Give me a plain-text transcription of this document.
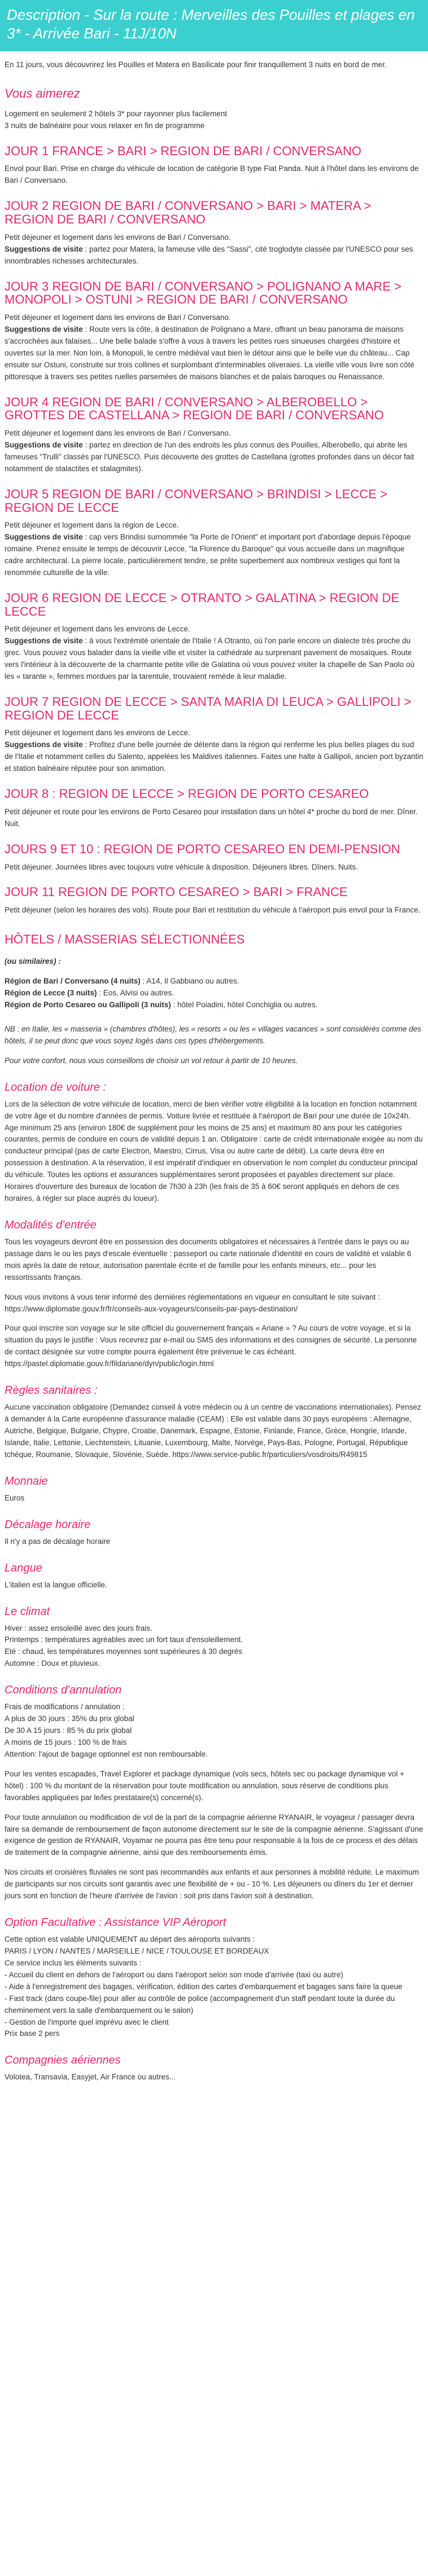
Description - Sur la route : Merveilles des Pouilles et plages en 3* - Arrivée Bari - 11J/10N

En 11 jours, vous découvrirez les Pouilles et Matera en Basilicate pour finir tranquillement 3 nuits en bord de mer.

Vous aimerez

Logement en seulement 2 hôtels 3* pour rayonner plus facilement
3 nuits de balnéaire pour vous relaxer en fin de programme

JOUR 1 FRANCE > BARI > REGION DE BARI / CONVERSANO

Envol pour Bari. Prise en charge du véhicule de location de catégorie B type Fiat Panda. Nuit à l'hôtel dans les environs de Bari / Conversano.

JOUR 2 REGION DE BARI / CONVERSANO > BARI > MATERA > REGION DE BARI / CONVERSANO

Petit déjeuner et logement dans les environs de Bari / Conversano.
Suggestions de visite : partez pour Matera, la fameuse ville des "Sassi", cité troglodyte classée par l'UNESCO pour ses innombrables richesses architecturales.

JOUR 3 REGION DE BARI / CONVERSANO > POLIGNANO A MARE > MONOPOLI > OSTUNI > REGION DE BARI / CONVERSANO

Petit déjeuner et logement dans les environs de Bari / Conversano.
Suggestions de visite : Route vers la côte, à destination de Polignano a Mare, offrant un beau panorama de maisons s'accrochées aux falaises... Une belle balade s'offre à vous à travers les petites rues sinueuses chargées d'histoire et ouvertes sur la mer. Non loin, à Monopoli, le centre médiéval vaut bien le détour ainsi que le belle vue du château... Cap ensuite sur Ostuni, construite sur trois collines et surplombant d'interminables oliveraies. La vieille ville vous livre son côté pittoresque à travers ses petites ruelles parsemées de maisons blanches et de palais baroques ou Renaissance.

JOUR 4 REGION DE BARI / CONVERSANO > ALBEROBELLO > GROTTES DE CASTELLANA > REGION DE BARI / CONVERSANO

Petit déjeuner et logement dans les environs de Bari / Conversano.
Suggestions de visite : partez en direction de l'un des endroits les plus connus des Pouilles, Alberobello, qui abrite les fameuses "Trulli" classés par l'UNESCO. Puis découverte des grottes de Castellana (grottes profondes dans un décor fait notamment de stalactites et stalagmites).

JOUR 5 REGION DE BARI / CONVERSANO > BRINDISI > LECCE > REGION DE LECCE

Petit déjeuner et logement dans la région de Lecce.
Suggestions de visite : cap vers Brindisi surnommée "la Porte de l'Orient" et important port d'abordage depuis l'époque romaine. Prenez ensuite le temps de découvrir Lecce, "la Florence du Baroque" qui vous accueille dans un magnifique cadre architectural. La pierre locale, particulièrement tendre, se prête superbement aux nombreux vestiges qui font la renommée culturelle de la ville.

JOUR 6 REGION DE LECCE > OTRANTO > GALATINA > REGION DE LECCE

Petit déjeuner et logement dans les environs de Lecce.
Suggestions de visite : à vous l'extrémité orientale de l'Italie ! A Otranto, où l'on parle encore un dialecte très proche du grec. Vous pouvez vous balader dans la vieille ville et visiter la cathédrale au surprenant pavement de mosaïques. Route vers l'intérieur à la découverte de la charmante petite ville de Galatina où vous pouvez visiter la chapelle de San Paolo où les « tarante », femmes mordues par la tarentule, trouvaient remède à leur maladie.

JOUR 7 REGION DE LECCE > SANTA MARIA DI LEUCA > GALLIPOLI > REGION DE LECCE

Petit déjeuner et logement dans les environs de Lecce.
Suggestions de visite : Profitez d'une belle journée de détente dans la région qui renferme les plus belles plages du sud de l'Italie et notamment celles du Salento, appelées les Maldives italiennes. Faites une halte à Gallipoli, ancien port byzantin et station balnéaire réputée pour son animation.

JOUR 8 : REGION DE LECCE > REGION DE PORTO CESAREO

Petit déjeuner et route pour les environs de Porto Cesareo pour installation dans un hôtel 4* proche du bord de mer. Dîner. Nuit.

JOURS 9 ET 10 : REGION DE PORTO CESAREO EN DEMI-PENSION

Petit déjeuner. Journées libres avec toujours votre véhicule à disposition. Déjeuners libres. Dîners. Nuits.

JOUR 11 REGION DE PORTO CESAREO > BARI > FRANCE

Petit déjeuner (selon les horaires des vols). Route pour Bari et restitution du véhicule à l'aéroport puis envol pour la France.

HÔTELS / MASSERIAS SÉLECTIONNÉES

(ou similaires) :

Région de Bari / Conversano (4 nuits) : A14, Il Gabbiano ou autres.
Région de Lecce (3 nuits) : Eos, Alvisi ou autres.
Région de Porto Cesareo ou Gallipoli (3 nuits) : hôtel Poiadini, hôtel Conchiglia ou autres.

NB : en Italie, les « masseria » (chambres d'hôtes), les « resorts » ou les « villages vacances » sont considérés comme des hôtels, il se peut donc que vous soyez logés dans ces types d'hébergements.

Pour votre confort, nous vous conseillons de choisir un vol retour à partir de 10 heures.

Location de voiture :

Lors de la sélection de votre véhicule de location, merci de bien vérifier votre éligibilité à la location en fonction notamment de votre âge et du nombre d'années de permis. Voiture livrée et restituée à l'aéroport de Bari pour une durée de 10x24h. Age minimum 25 ans (environ 180€ de supplément pour les moins de 25 ans) et maximum 80 ans pour les catégories courantes, permis de conduire en cours de validité depuis 1 an. Obligatoire : carte de crédit internationale exigée au nom du conducteur principal (pas de carte Electron, Maestro, Cirrus, Visa ou autre carte de débit). La carte devra être en possession à destination. A la réservation, il est impératif d'indiquer en observation le nom complet du conducteur principal du véhicule. Toutes les options et assurances supplémentaires seront proposées et payables directement sur place. Horaires d'ouverture des bureaux de location de 7h30 à 23h (les frais de 35 à 60€ seront appliqués en dehors de ces horaires, à régler sur place auprès du loueur).

Modalités d'entrée

Tous les voyageurs devront être en possession des documents obligatoires et nécessaires à l'entrée dans le pays ou au passage dans le ou les pays d'escale éventuelle : passeport ou carte nationale d'identité en cours de validité et valable 6 mois après la date de retour, autorisation parentale écrite et de famille pour les enfants mineurs, etc... pour les ressortissants français.

Nous vous invitons à vous tenir informé des dernières réglementations en vigueur en consultant le site suivant : https://www.diplomatie.gouv.fr/fr/conseils-aux-voyageurs/conseils-par-pays-destination/

Pour quoi inscrire son voyage sur le site officiel du gouvernement français « Ariane » ? Au cours de votre voyage, et si la situation du pays le justifie : Vous recevrez par e-mail ou SMS des informations et des consignes de sécurité. La personne de contact désignée sur votre compte pourra également être prévenue le cas échéant. https://pastel.diplomatie.gouv.fr/fildariane/dyn/public/login.html

Règles sanitaires :

Aucune vaccination obligatoire (Demandez conseil à votre médecin ou à un centre de vaccinations internationales). Pensez à demander à la Carte européenne d'assurance maladie (CEAM) : Elle est valable dans 30 pays européens : Allemagne, Autriche, Belgique, Bulgarie, Chypre, Croatie, Danemark, Espagne, Estonie, Finlande, France, Grèce, Hongrie, Irlande, Islande, Italie, Lettonie, Liechtenstein, Lituanie, Luxembourg, Malte, Norvège, Pays-Bas, Pologne, Portugal, République tchèque, Roumanie, Slovaquie, Slovénie, Suède. https://www.service-public.fr/particuliers/vosdroits/R49815

Monnaie

Euros

Décalage horaire

Il n'y a pas de décalage horaire

Langue

L'italien est la langue officielle.

Le climat

Hiver : assez ensoleillé avec des jours frais.
Printemps : températures agréables avec un fort taux d'ensoleillement.
Eté : chaud, les températures moyennes sont supérieures à 30 degrés
Automne : Doux et pluvieux.

Conditions d'annulation

Frais de modifications / annulation :
A plus de 30 jours : 35% du prix global
De 30 A 15 jours : 85 % du prix global
A moins de 15 jours : 100 % de frais
Attention: l'ajout de bagage optionnel est non remboursable.

Pour les ventes escapades, Travel Explorer et package dynamique (vols secs, hôtels sec ou package dynamique vol + hôtel) : 100 % du montant de la réservation pour toute modification ou annulation, sous réserve de conditions plus favorables appliquées par le/les prestataire(s) concerné(s).

Pour toute annulation ou modification de vol de la part de la compagnie aérienne RYANAIR, le voyageur / passager devra faire sa demande de remboursement de façon autonome directement sur le site de la compagnie aérienne. S'agissant d'une exigence de gestion de RYANAIR, Voyamar ne pourra pas être tenu pour responsable à la fois de ce process et des délais de traitement de la compagnie aérienne, ainsi que des remboursements émis.

Nos circuits et croisières fluviales ne sont pas recommandés aux enfants et aux personnes à mobilité réduite. Le maximum de participants sur nos circuits sont garantis avec une flexibilité de + ou - 10 %. Les déjeuners ou dîners du 1er et dernier jours sont en fonction de l'heure d'arrivée de l'avion : soit pris dans l'avion soit à destination.

Option Facultative : Assistance VIP Aéroport

Cette option est valable UNIQUEMENT au départ des aéroports suivants :
PARIS / LYON / NANTES / MARSEILLE / NICE / TOULOUSE ET BORDEAUX
Ce service inclus les éléments suivants :
- Accueil du client en dehors de l'aéroport ou dans l'aéroport selon son mode d'arrivée (taxi ou autre)
- Aide à l'enregistrement des bagages, vérification, édition des cartes d'embarquement et bagages sans faire la queue
- Fast track (dans coupe-file) pour aller au contrôle de police (accompagnement d'un staff pendant toute la durée du cheminement vers la salle d'embarquement ou le salon)
- Gestion de l'importe quel imprévu avec le client
Prix base 2 pers

Compagnies aériennes

Volotea, Transavia, Easyjet, Air France ou autres...
